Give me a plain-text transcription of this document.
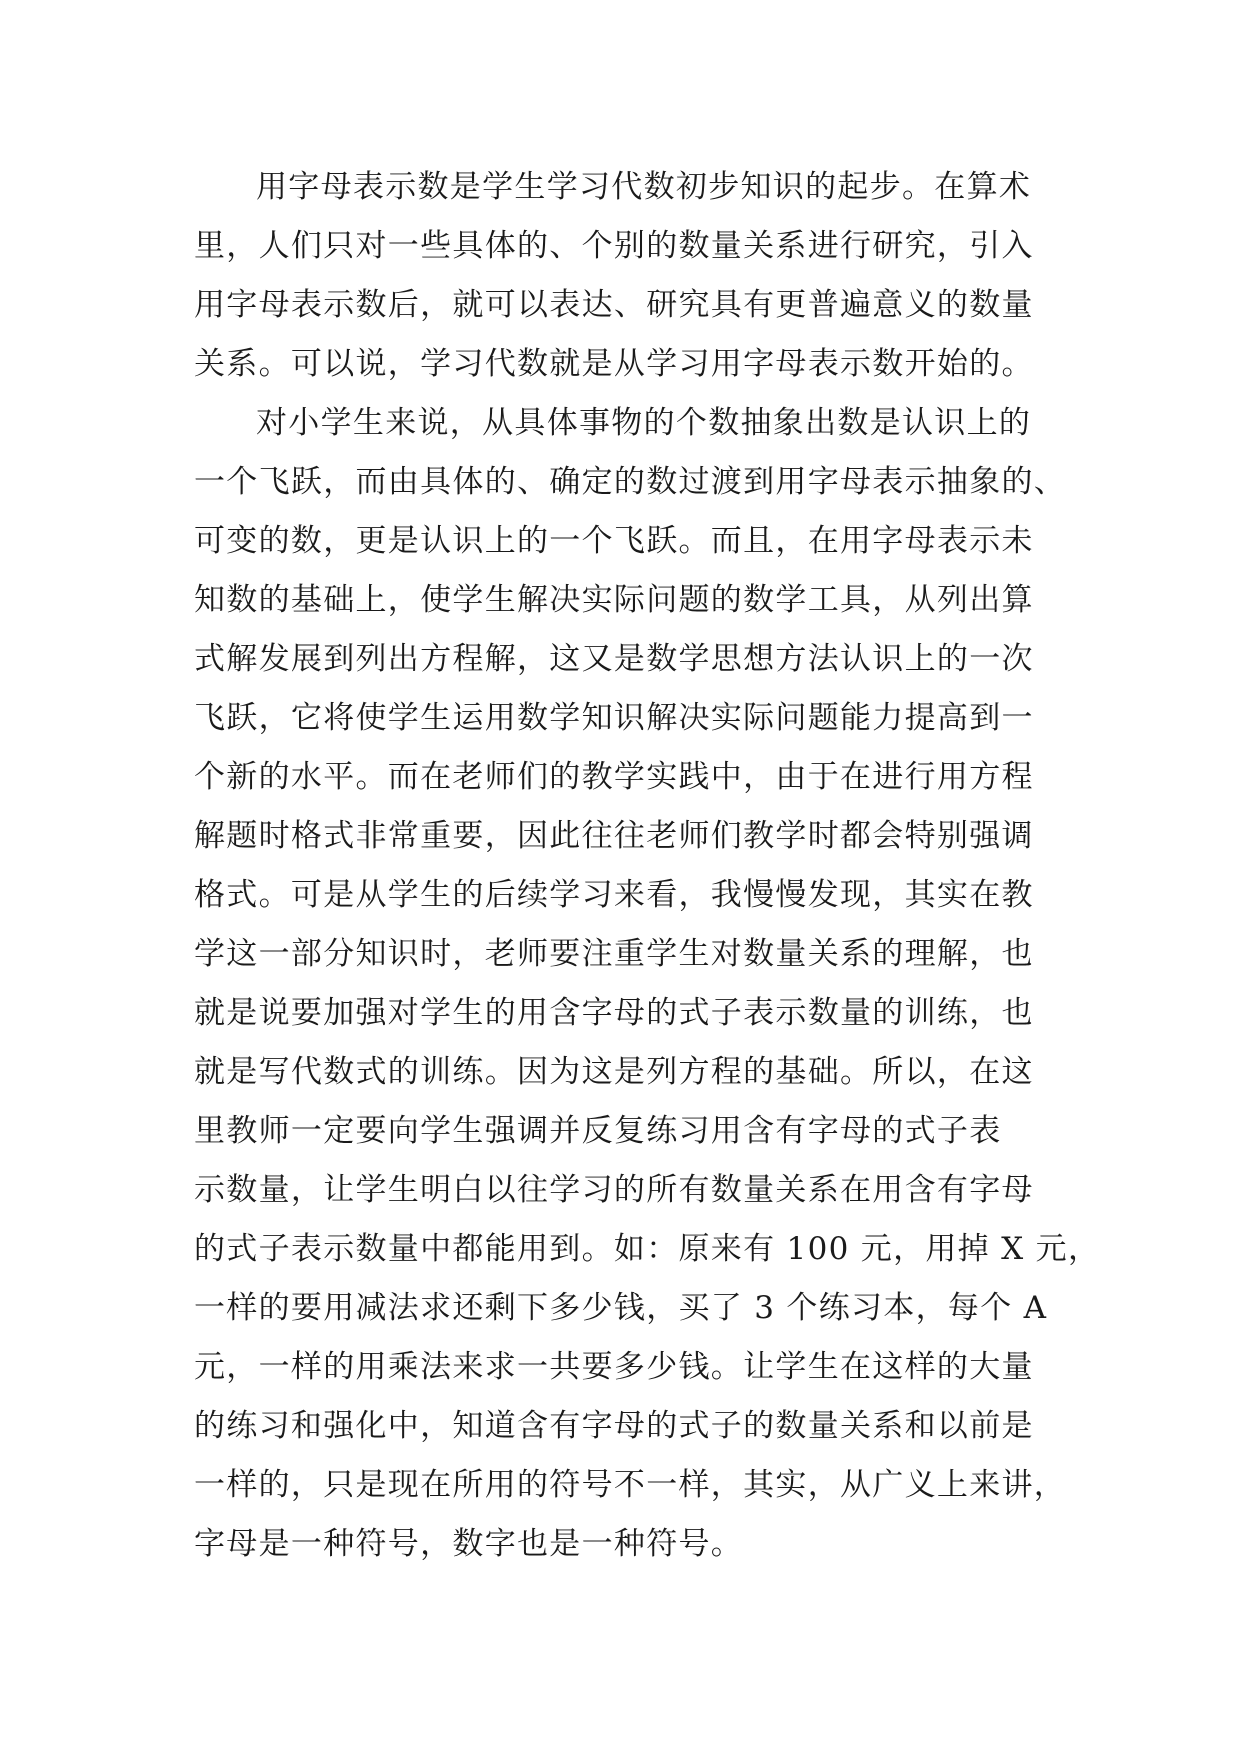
用字母表示数是学生学习代数初步知识的起步。在算术
里，人们只对一些具体的、个别的数量关系进行研究，引入
用字母表示数后，就可以表达、研究具有更普遍意义的数量
关系。可以说，学习代数就是从学习用字母表示数开始的。
对小学生来说，从具体事物的个数抽象出数是认识上的
一个飞跃，而由具体的、确定的数过渡到用字母表示抽象的、
可变的数，更是认识上的一个飞跃。而且，在用字母表示未
知数的基础上，使学生解决实际问题的数学工具，从列出算
式解发展到列出方程解，这又是数学思想方法认识上的一次
飞跃，它将使学生运用数学知识解决实际问题能力提高到一
个新的水平。而在老师们的教学实践中，由于在进行用方程
解题时格式非常重要，因此往往老师们教学时都会特别强调
格式。可是从学生的后续学习来看，我慢慢发现，其实在教
学这一部分知识时，老师要注重学生对数量关系的理解，也
就是说要加强对学生的用含字母的式子表示数量的训练，也
就是写代数式的训练。因为这是列方程的基础。所以，在这
里教师一定要向学生强调并反复练习用含有字母的式子表
示数量，让学生明白以往学习的所有数量关系在用含有字母
的式子表示数量中都能用到。如：原来有 100 元，用掉 X 元，
一样的要用减法求还剩下多少钱，买了 3 个练习本，每个 A
元，一样的用乘法来求一共要多少钱。让学生在这样的大量
的练习和强化中，知道含有字母的式子的数量关系和以前是
一样的，只是现在所用的符号不一样，其实，从广义上来讲，
字母是一种符号，数字也是一种符号。
